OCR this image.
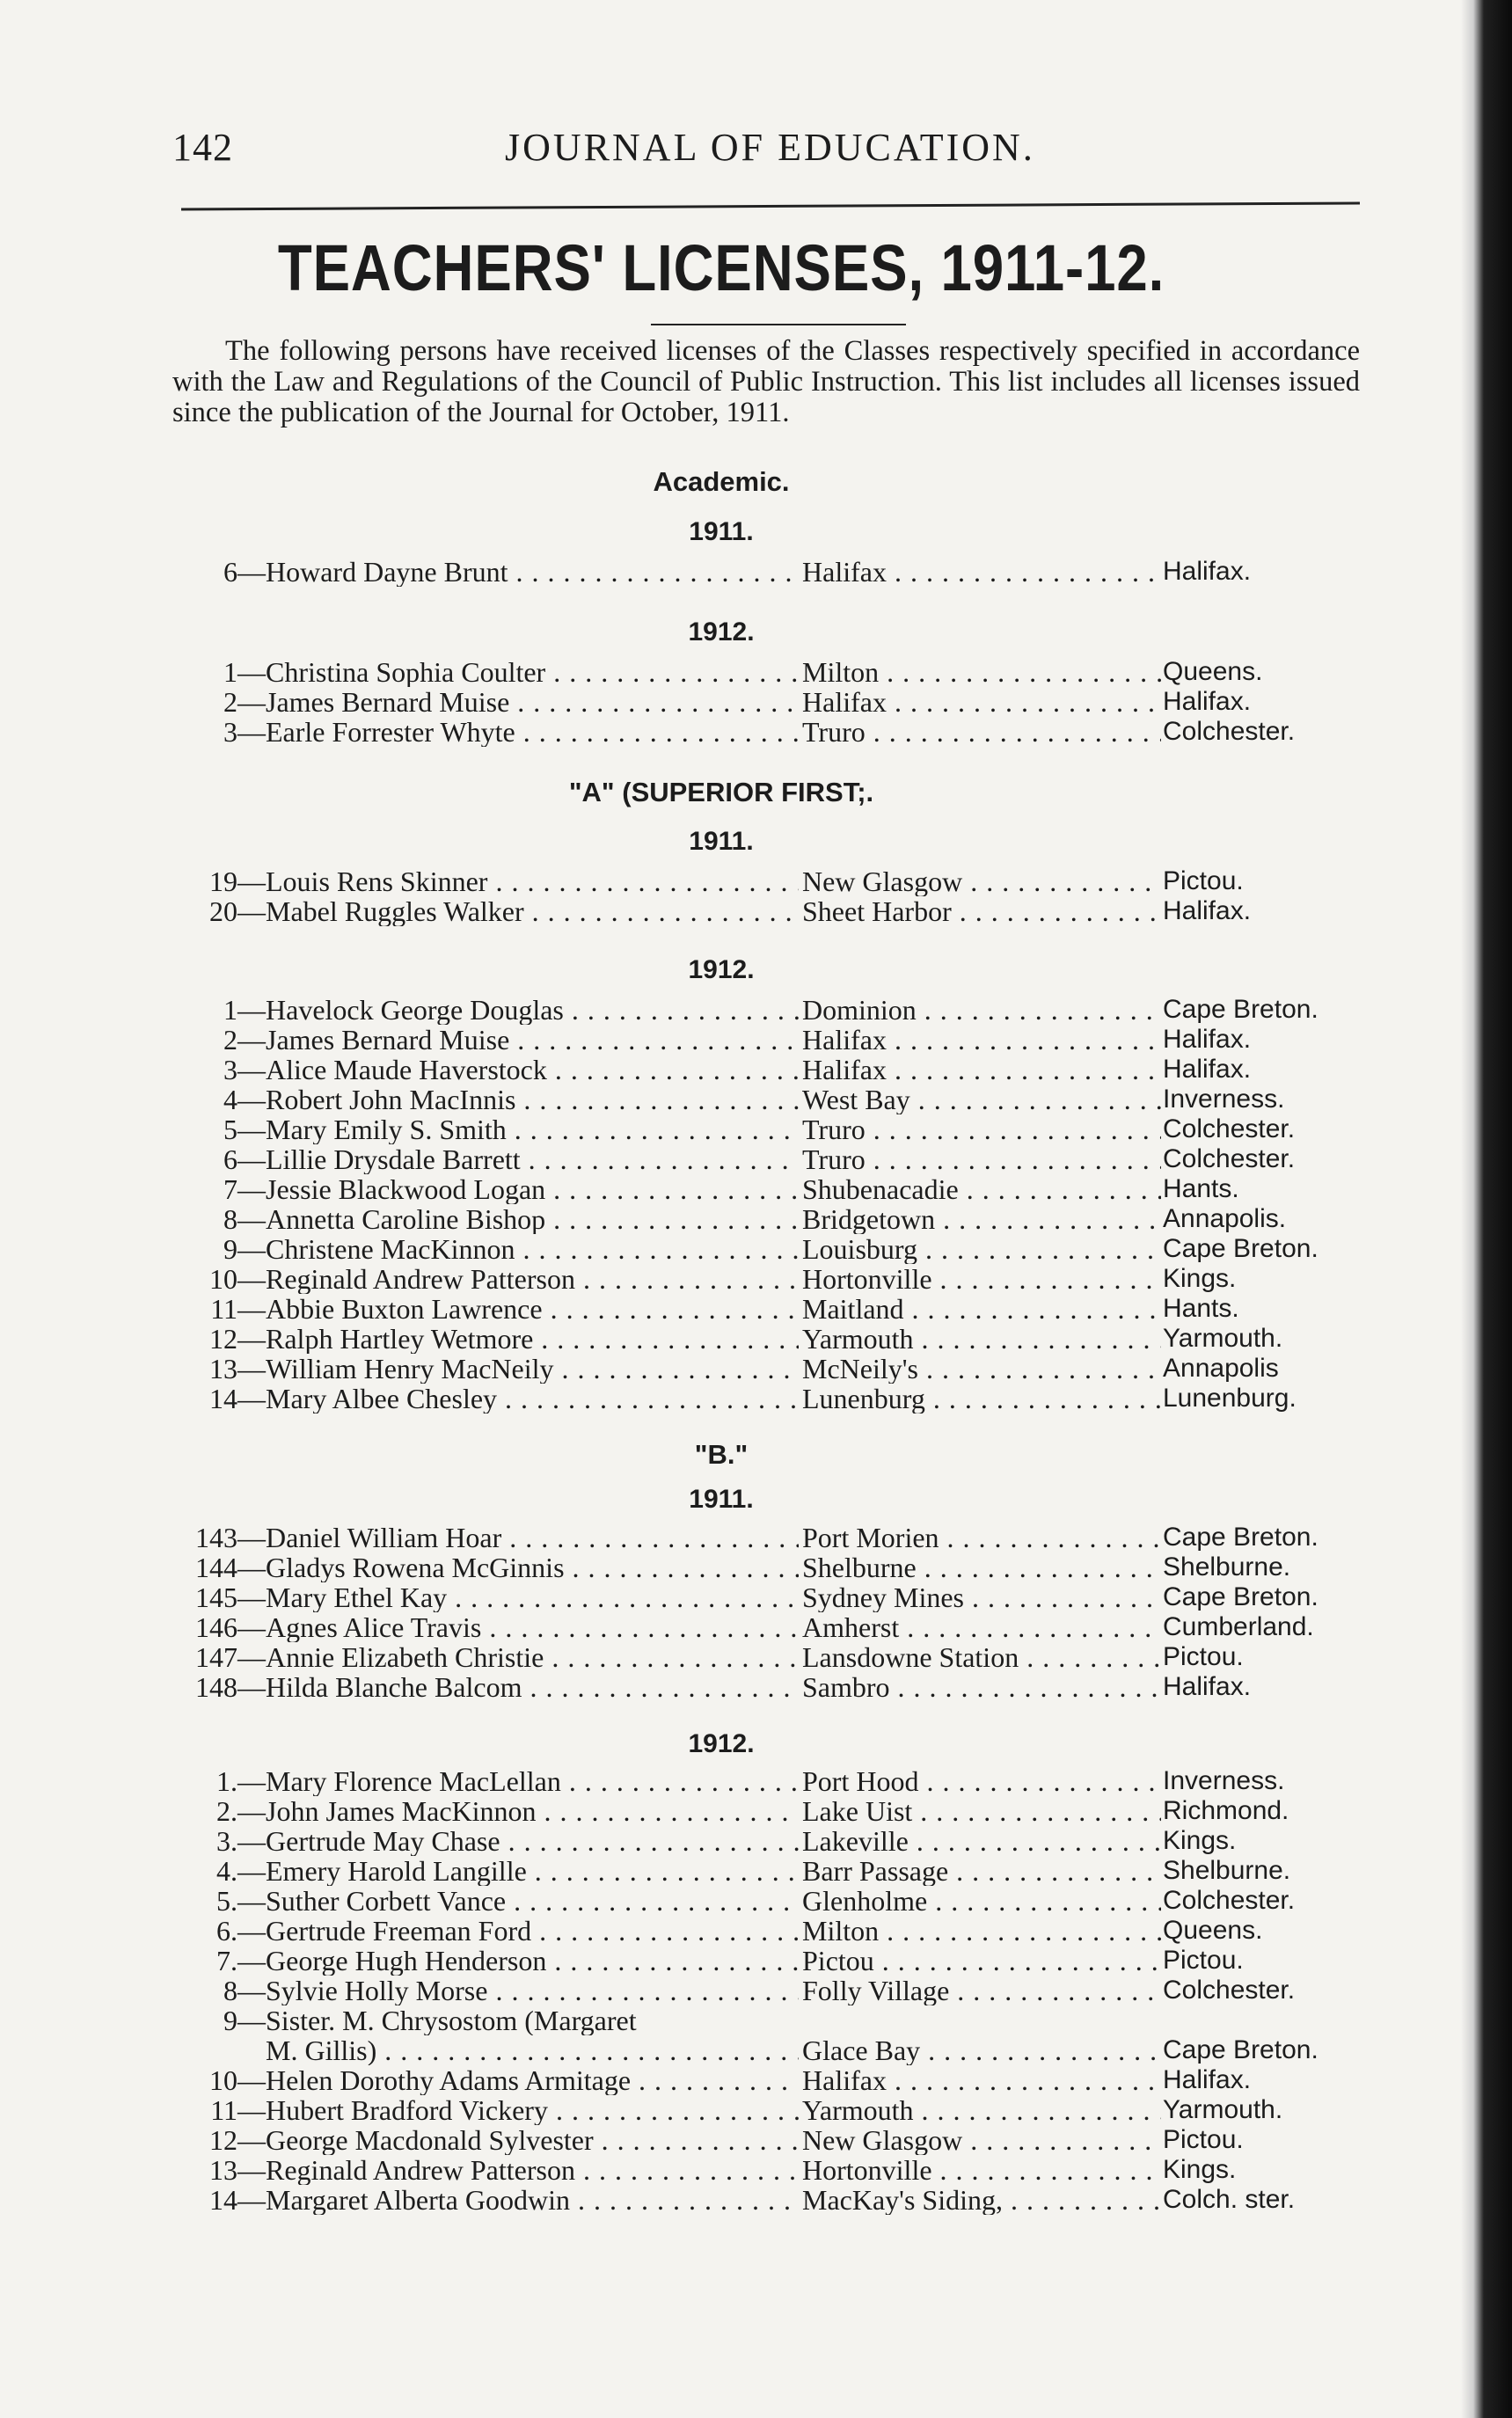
142	JOURNAL OF EDUCATION.
TEACHERS' LICENSES, 1911-12.
The following persons have received licenses of the Classes respectively specified in accordance with the Law and Regulations of the Council of Public Instruction. This list includes all licenses issued since the publication of the Journal for October, 1911.
Academic.
1911.
6— Howard Dayne Brunt . . .	Halifax . . .	Halifax.
1912.
1— Christina Sophia Coulter . . .	Milton . . .	Queens.
2— James Bernard Muise . . .	Halifax . . .	Halifax.
3— Earle Forrester Whyte . . .	Truro . . .	Colchester.
"A" (SUPERIOR FIRST;.
1911.
19— Louis Rens Skinner . . .	New Glasgow . . .	Pictou.
20— Mabel Ruggles Walker . . .	Sheet Harbor . . .	Halifax.
1912.
1— Havelock George Douglas . . .	Dominion . . .	Cape Breton.
2— James Bernard Muise . . .	Halifax . . .	Halifax.
3— Alice Maude Haverstock . . .	Halifax . . .	Halifax.
4— Robert John MacInnis . . .	West Bay . . .	Inverness.
5— Mary Emily S. Smith . . .	Truro . . .	Colchester.
6— Lillie Drysdale Barrett . . .	Truro . . .	Colchester.
7— Jessie Blackwood Logan . . .	Shubenacadie . . .	Hants.
8— Annetta Caroline Bishop . . .	Bridgetown . . .	Annapolis.
9— Christene MacKinnon . . .	Louisburg . . .	Cape Breton.
10— Reginald Andrew Patterson . . .	Hortonville . . .	Kings.
11— Abbie Buxton Lawrence . . .	Maitland . . .	Hants.
12— Ralph Hartley Wetmore . . .	Yarmouth . . .	Yarmouth.
13— William Henry MacNeily . . .	McNeily's . . .	Annapolis
14— Mary Albee Chesley . . .	Lunenburg . . .	Lunenburg.
"B."
1911.
143— Daniel William Hoar . . .	Port Morien . . .	Cape Breton.
144— Gladys Rowena McGinnis . . .	Shelburne . . .	Shelburne.
145— Mary Ethel Kay . . .	Sydney Mines . . .	Cape Breton.
146— Agnes Alice Travis . . .	Amherst . . .	Cumberland.
147— Annie Elizabeth Christie . . .	Lansdowne Station . . .	Pictou.
148— Hilda Blanche Balcom . . .	Sambro . . .	Halifax.
1912.
1.— Mary Florence MacLellan . . .	Port Hood . . .	Inverness.
2.— John James MacKinnon . . .	Lake Uist . . .	Richmond.
3.— Gertrude May Chase . . .	Lakeville . . .	Kings.
4.— Emery Harold Langille . . .	Barr Passage . . .	Shelburne.
5.— Suther Corbett Vance . . .	Glenholme . . .	Colchester.
6.— Gertrude Freeman Ford . . .	Milton . . .	Queens.
7.— George Hugh Henderson . . .	Pictou . . .	Pictou.
8— Sylvie Holly Morse . . .	Folly Village . . .	Colchester.
9— Sister. M. Chrysostom (Margaret
M. Gillis) . . .	Glace Bay . . .	Cape Breton.
10— Helen Dorothy Adams Armitage . . .	Halifax . . .	Halifax.
11— Hubert Bradford Vickery . . .	Yarmouth . . .	Yarmouth.
12— George Macdonald Sylvester . . .	New Glasgow . . .	Pictou.
13— Reginald Andrew Patterson . . .	Hortonville . . .	Kings.
14— Margaret Alberta Goodwin . . .	MacKay's Siding, . . .	Colch. ster.
